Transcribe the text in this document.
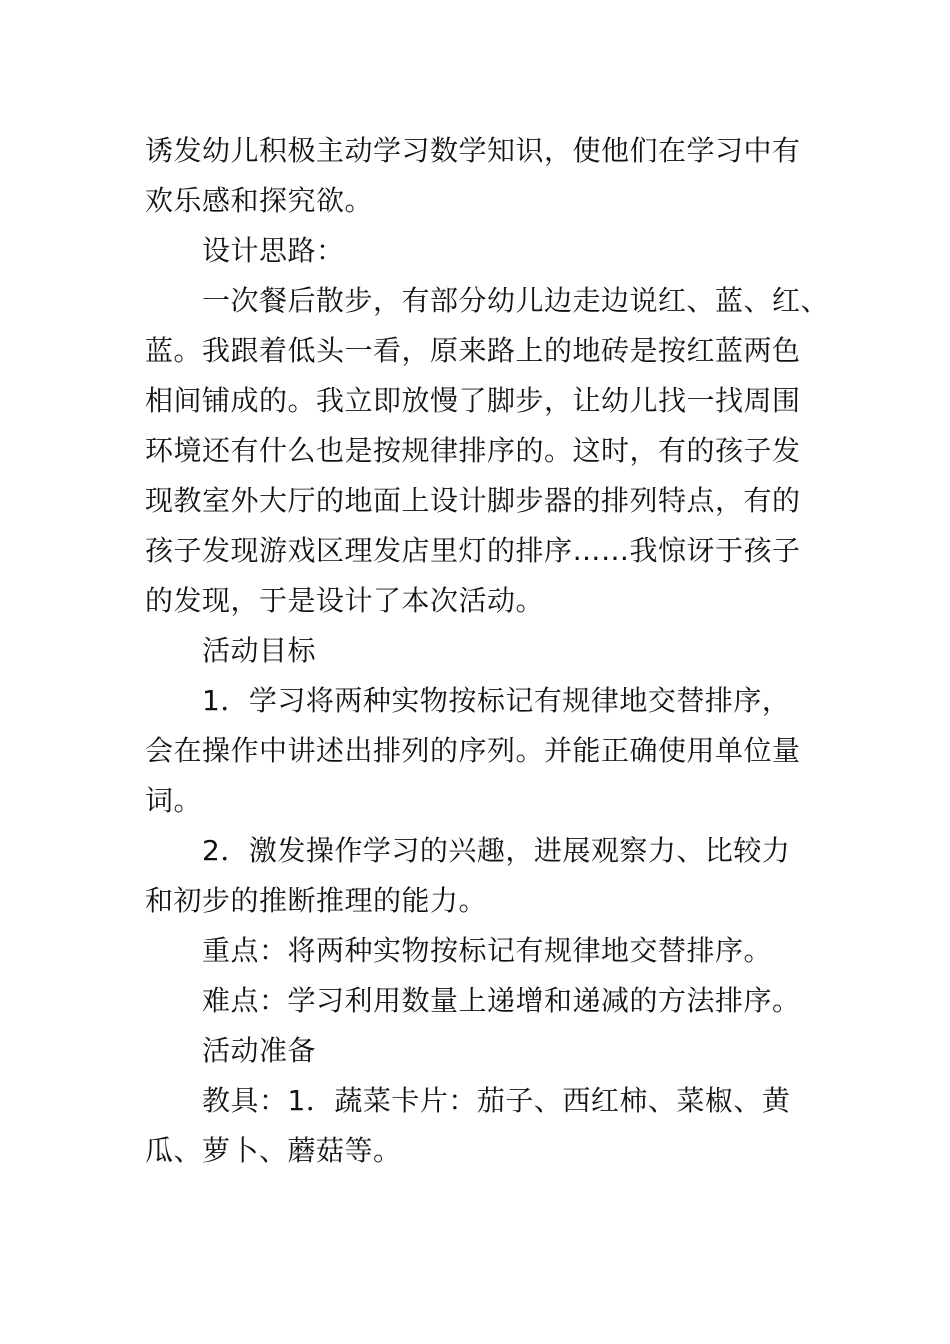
诱发幼儿积极主动学习数学知识，使他们在学习中有
欢乐感和探究欲。
设计思路：
一次餐后散步，有部分幼儿边走边说红、蓝、红、
蓝。我跟着低头一看，原来路上的地砖是按红蓝两色
相间铺成的。我立即放慢了脚步，让幼儿找一找周围
环境还有什么也是按规律排序的。这时，有的孩子发
现教室外大厅的地面上设计脚步器的排列特点，有的
孩子发现游戏区理发店里灯的排序……我惊讶于孩子
的发现，于是设计了本次活动。
活动目标
1．学习将两种实物按标记有规律地交替排序，
会在操作中讲述出排列的序列。并能正确使用单位量
词。
2．激发操作学习的兴趣，进展观察力、比较力
和初步的推断推理的能力。
重点：将两种实物按标记有规律地交替排序。
难点：学习利用数量上递增和递减的方法排序。
活动准备
教具：1．蔬菜卡片：茄子、西红柿、菜椒、黄
瓜、萝卜、蘑菇等。
